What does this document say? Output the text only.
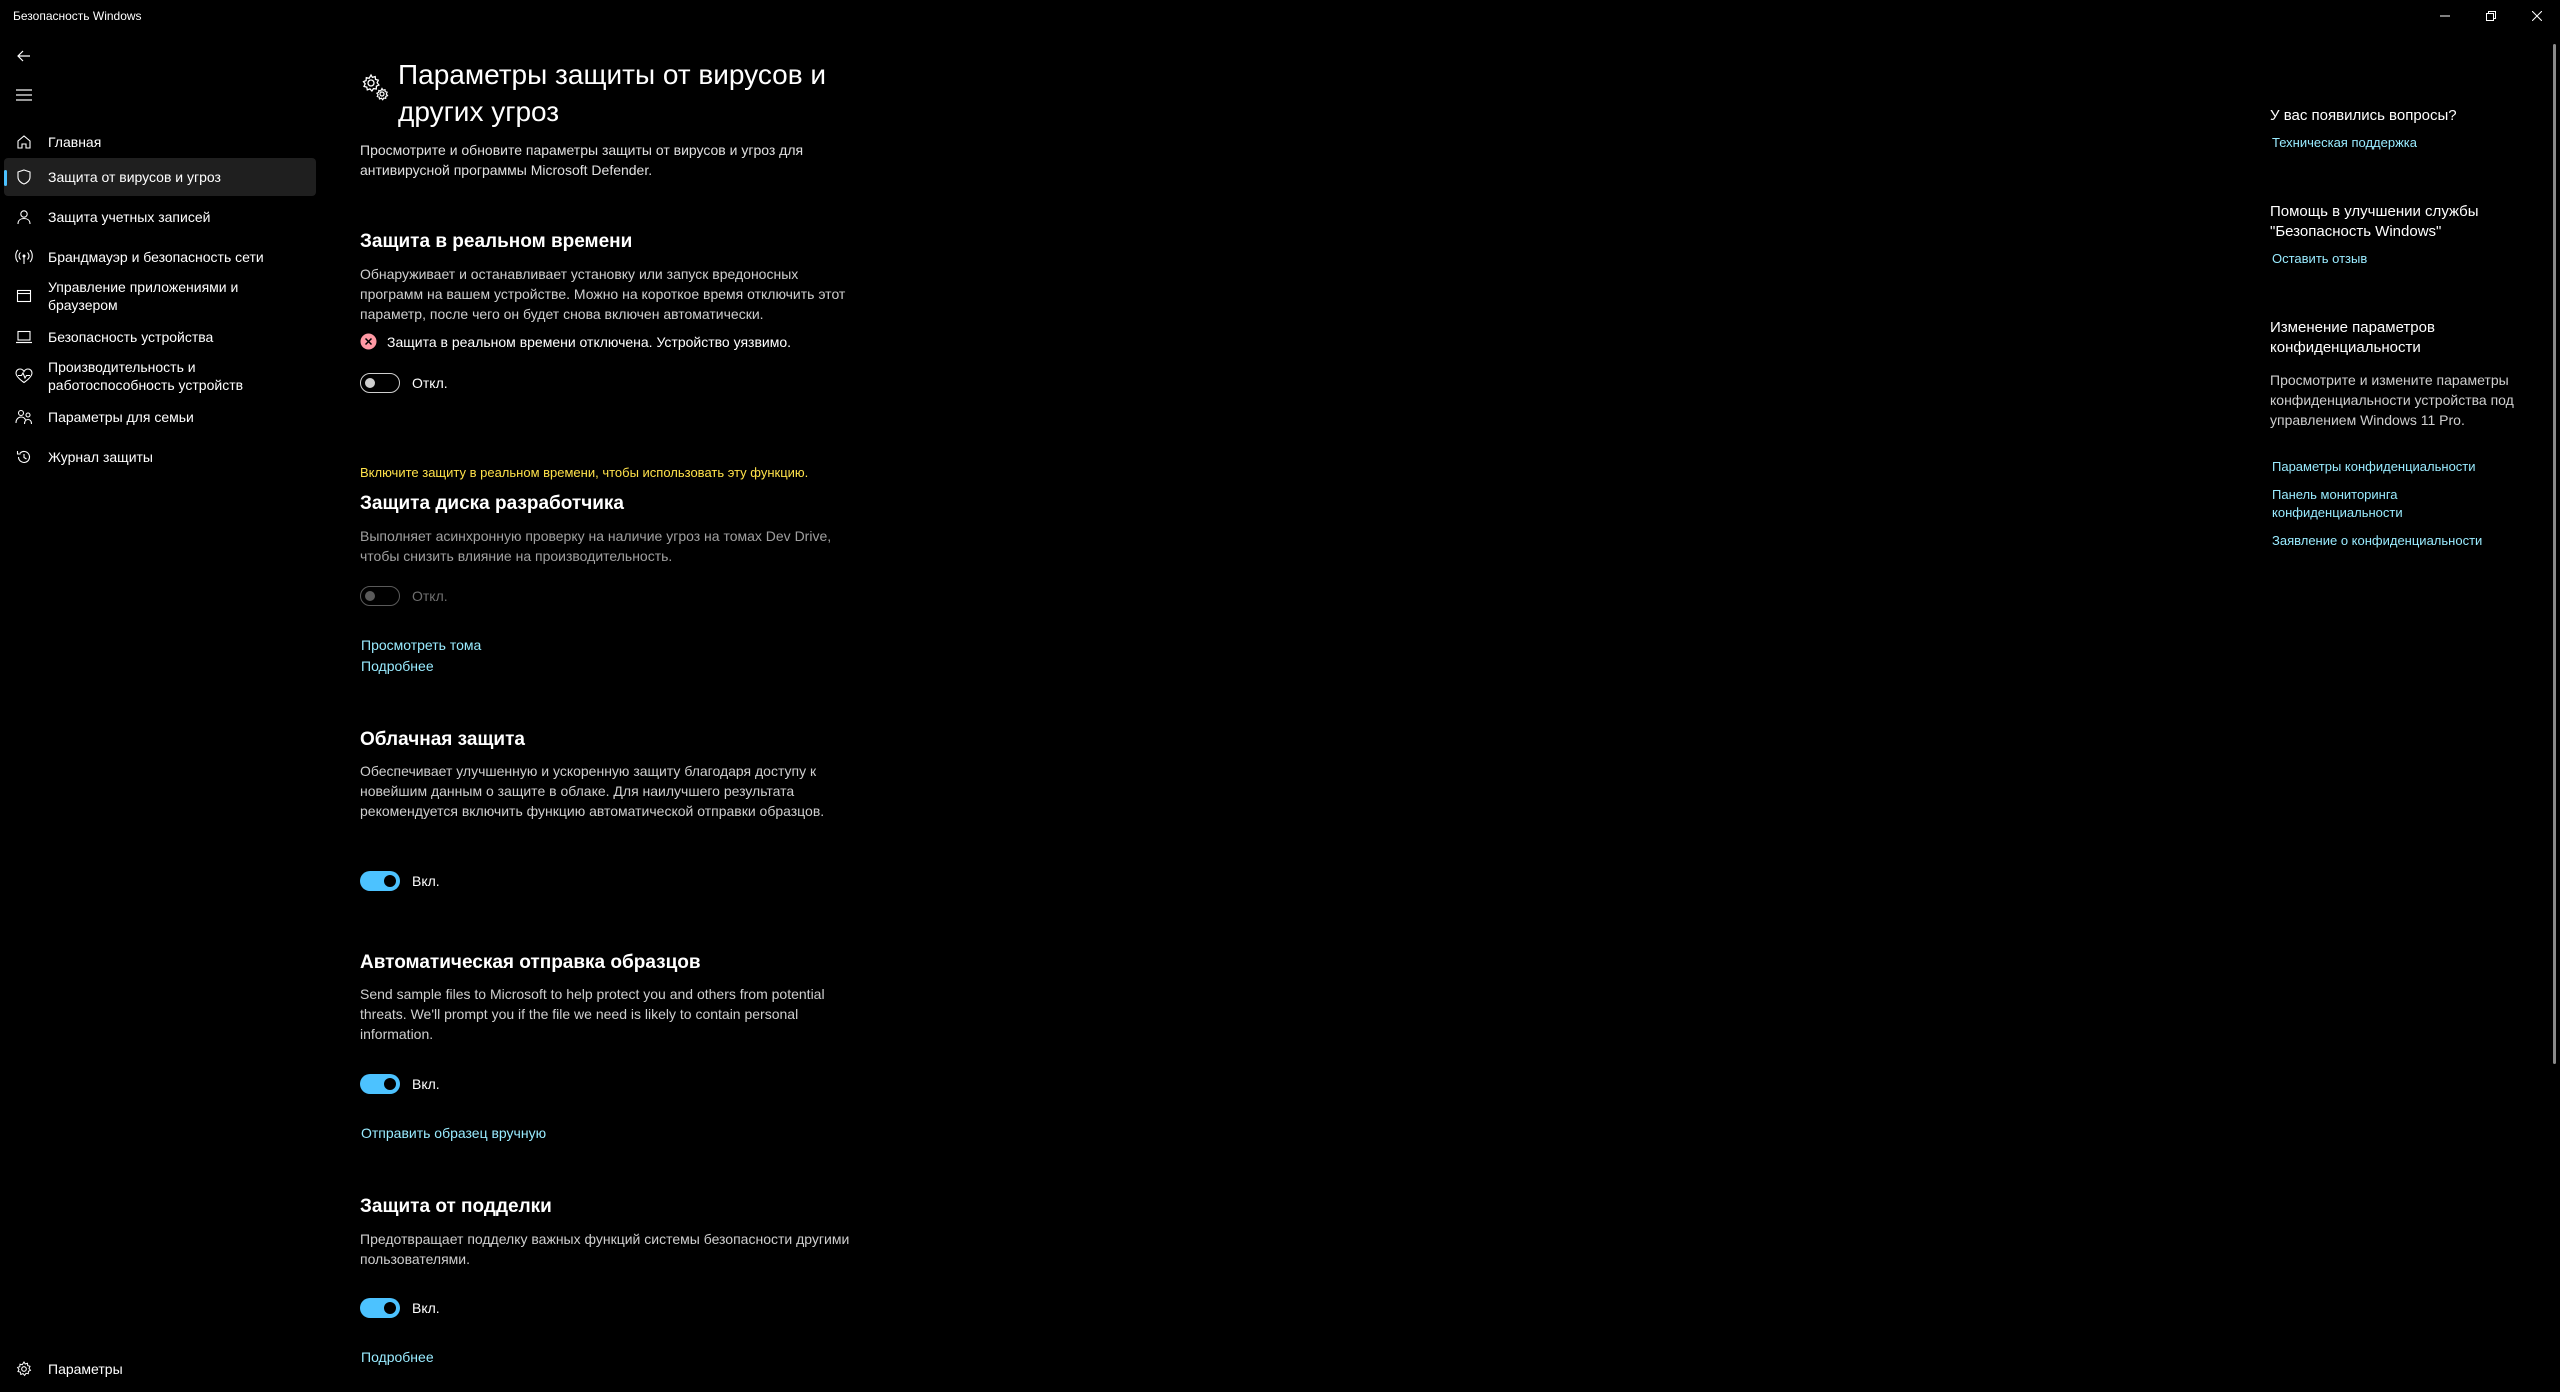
Безопасность Windows
Главная
Защита от вирусов и угроз
Защита учетных записей
Брандмауэр и безопасность сети
Управление приложениями и браузером
Безопасность устройства
Производительность и работоспособность устройств
Параметры для семьи
Журнал защиты
Параметры
Параметры защиты от вирусов и других угроз
Просмотрите и обновите параметры защиты от вирусов и угроз для антивирусной программы Microsoft Defender.
Защита в реальном времени
Обнаруживает и останавливает установку или запуск вредоносных программ на вашем устройстве. Можно на короткое время отключить этот параметр, после чего он будет снова включен автоматически.
Защита в реальном времени отключена. Устройство уязвимо.
Откл.
Включите защиту в реальном времени, чтобы использовать эту функцию.
Защита диска разработчика
Выполняет асинхронную проверку на наличие угроз на томах Dev Drive, чтобы снизить влияние на производительность.
Откл.
Просмотреть тома
Подробнее
Облачная защита
Обеспечивает улучшенную и ускоренную защиту благодаря доступу к новейшим данным о защите в облаке. Для наилучшего результата рекомендуется включить функцию автоматической отправки образцов.
Вкл.
Автоматическая отправка образцов
Send sample files to Microsoft to help protect you and others from potential threats. We'll prompt you if the file we need is likely to contain personal information.
Вкл.
Отправить образец вручную
Защита от подделки
Предотвращает подделку важных функций системы безопасности другими пользователями.
Вкл.
Подробнее
У вас появились вопросы?
Техническая поддержка
Помощь в улучшении службы "Безопасность Windows"
Оставить отзыв
Изменение параметров конфиденциальности
Просмотрите и измените параметры конфиденциальности устройства под управлением Windows 11 Pro.
Параметры конфиденциальности
Панель мониторинга конфиденциальности
Заявление о конфиденциальности
